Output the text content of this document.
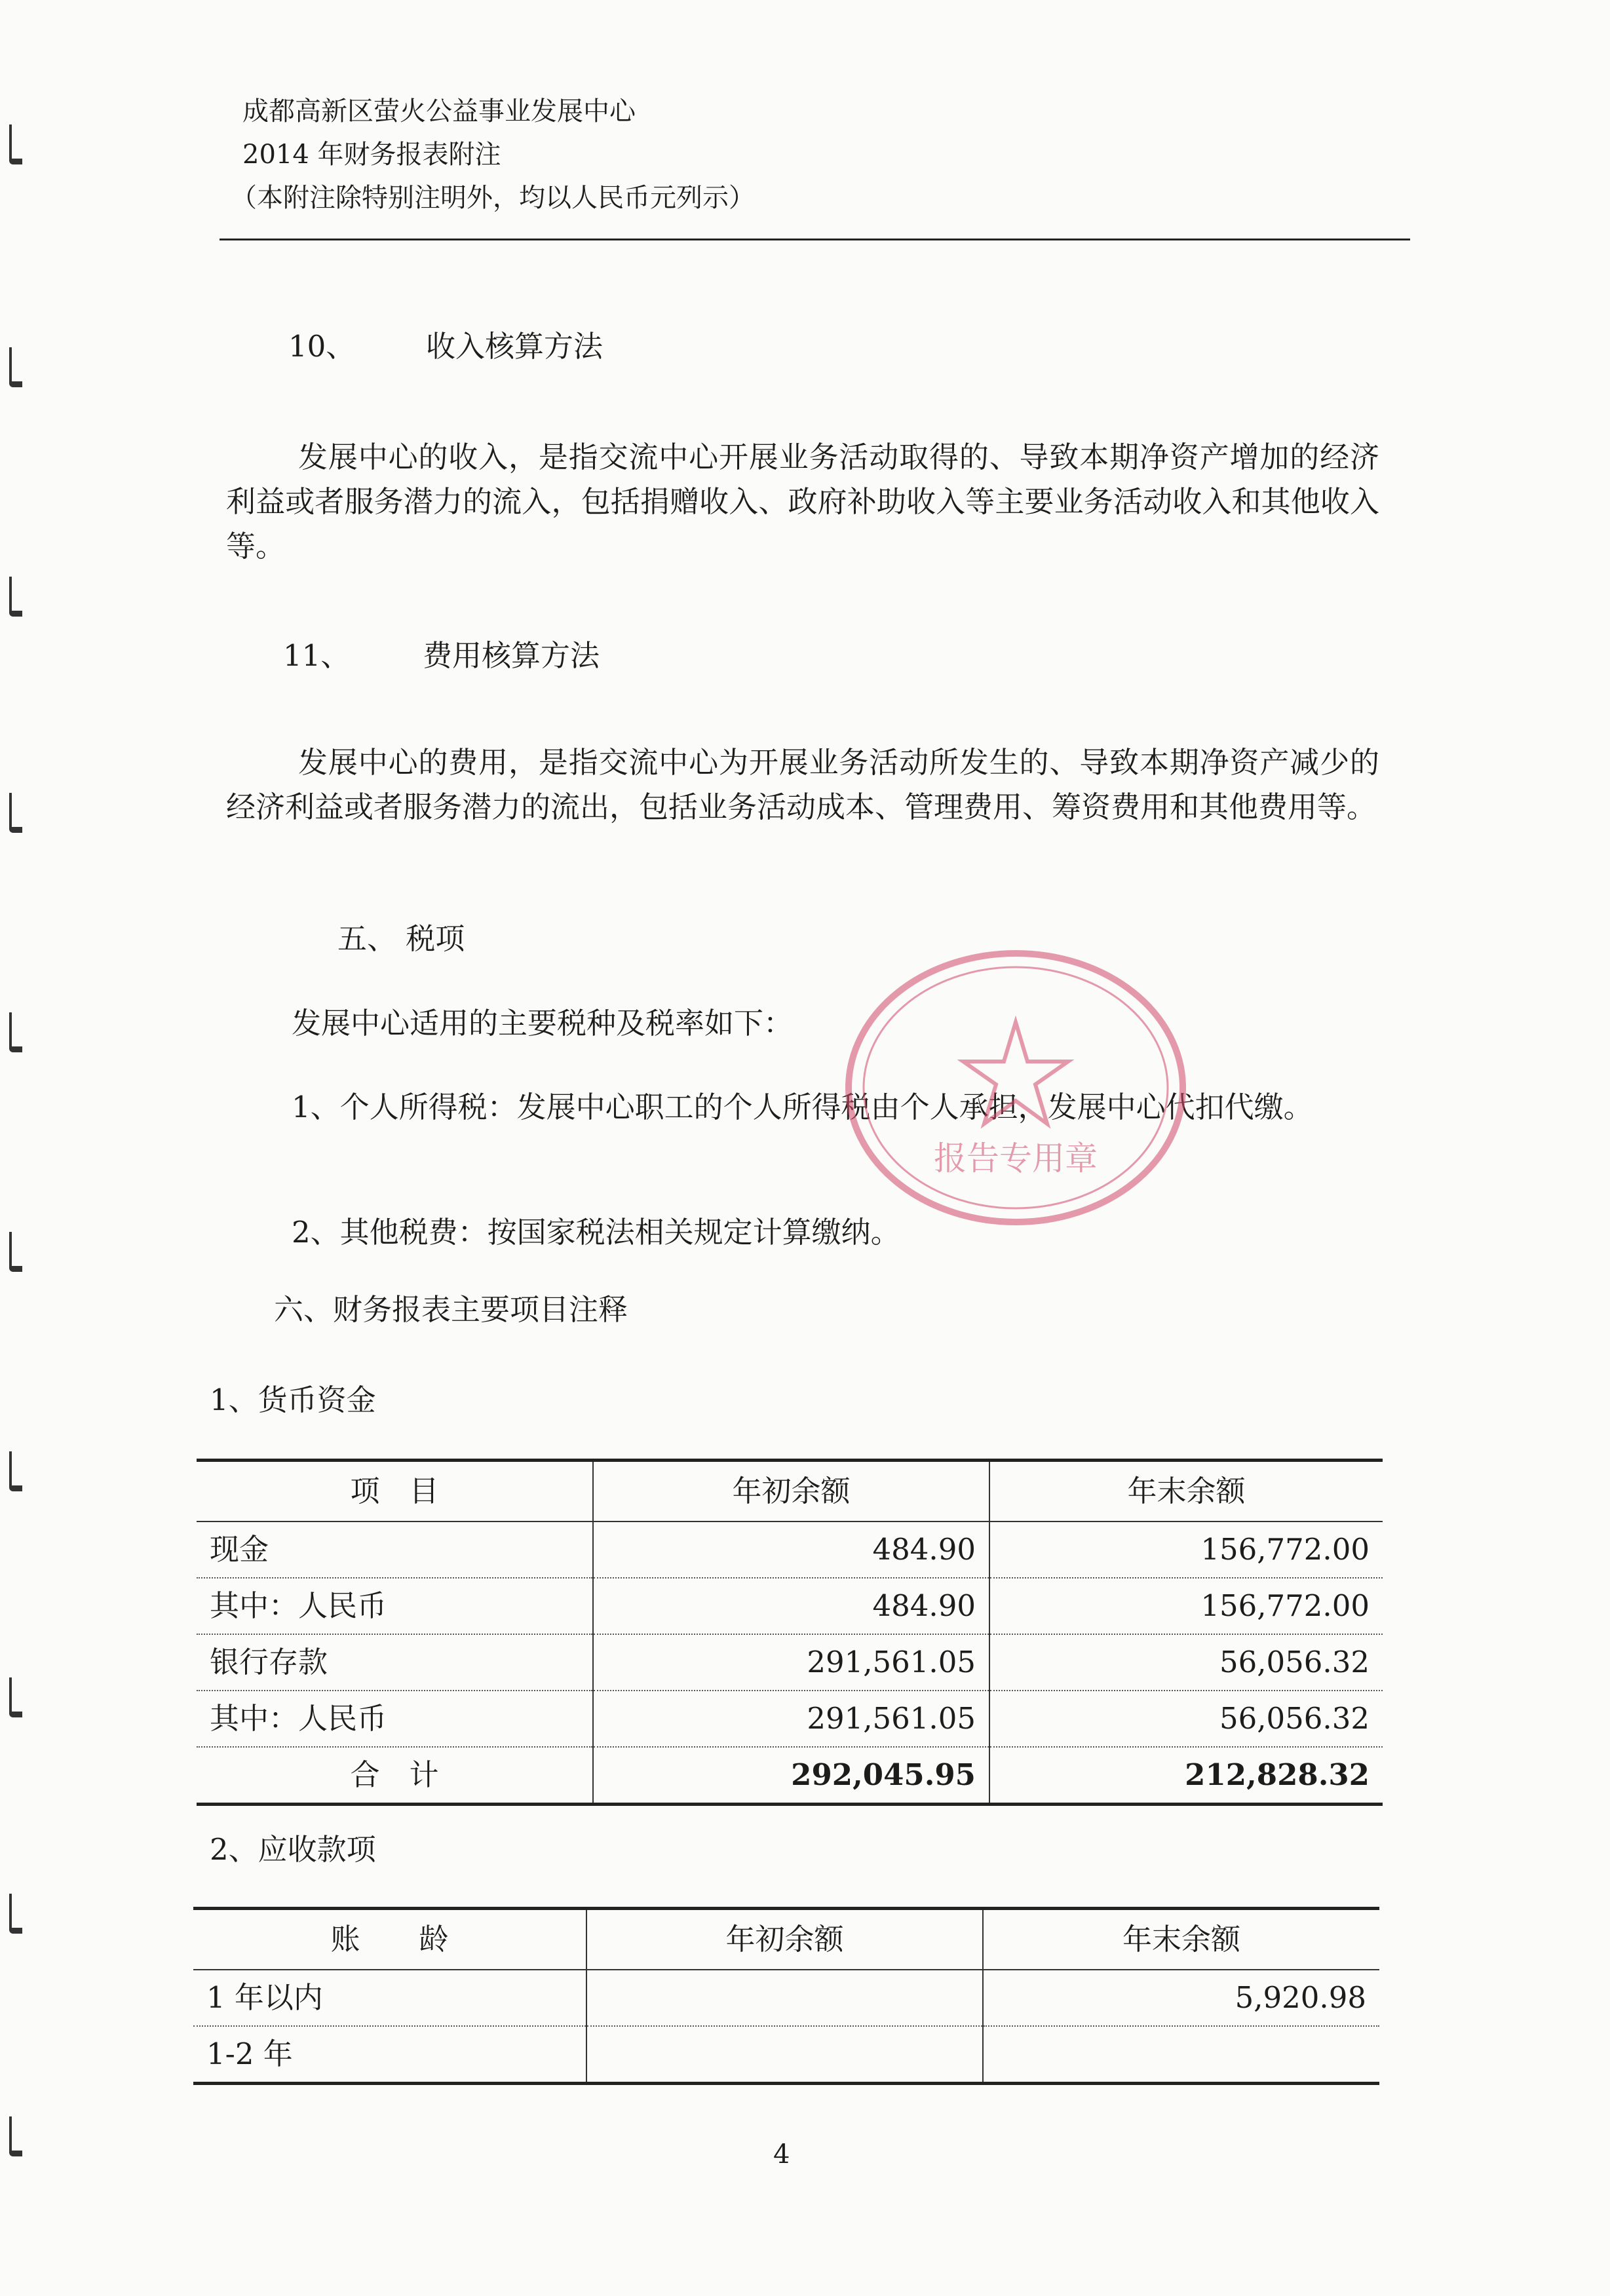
成都高新区萤火公益事业发展中心
2014 年财务报表附注
（本附注除特别注明外，均以人民币元列示）
10、 收入核算方法
发展中心的收入，是指交流中心开展业务活动取得的、导致本期净资产增加的经济利益或者服务潜力的流入，包括捐赠收入、政府补助收入等主要业务活动收入和其他收入等。
11、 费用核算方法
发展中心的费用，是指交流中心为开展业务活动所发生的、导致本期净资产减少的经济利益或者服务潜力的流出，包括业务活动成本、管理费用、筹资费用和其他费用等。
五、 税项
发展中心适用的主要税种及税率如下：
1、个人所得税：发展中心职工的个人所得税由个人承担，发展中心代扣代缴。
2、其他税费：按国家税法相关规定计算缴纳。
六、财务报表主要项目注释
1、货币资金
项　目	年初余额	年末余额
现金	484.90	156,772.00
其中：人民币	484.90	156,772.00
银行存款	291,561.05	56,056.32
其中：人民币	291,561.05	56,056.32
合　计	292,045.95	212,828.32
2、应收款项
账　　龄	年初余额	年末余额
1 年以内		5,920.98
1-2 年		
报告专用章
4
